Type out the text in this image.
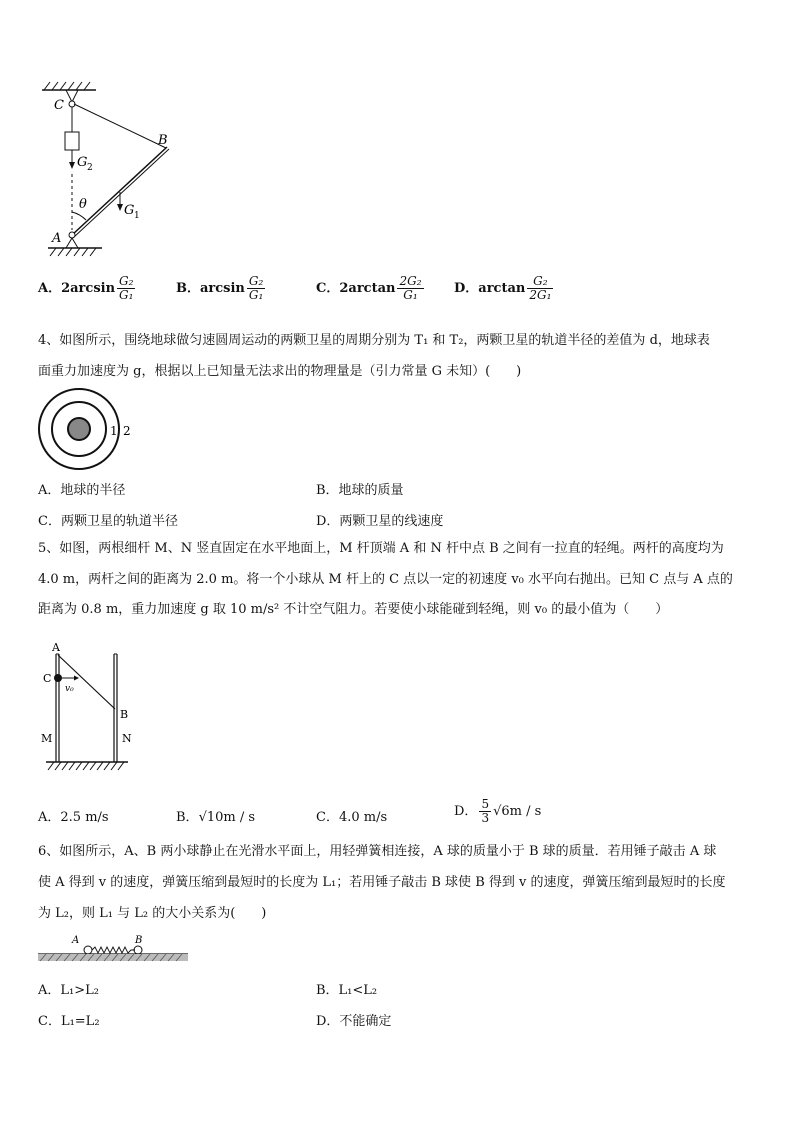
C
B
A
G 2
G 1
θ
A．$2\arcsin \frac{\text{G₂}}{\text{G₁}}$	B．$\arcsin \frac{\text{G₂}}{\text{G₁}}$	C．$2\arctan \frac{\text{2G₂}}{\text{G₁}}$ D．$\arctan \frac{\text{G₂}}{\text{2G₁}}$
4、如图所示，围绕地球做匀速圆周运动的两颗卫星的周期分别为 T₁ 和 T₂，两颗卫星的轨道半径的差值为 d，地球表
面重力加速度为 g，根据以上已知量无法求出的物理量是（引力常量 G 未知）(　　)
1 2
A．地球的半径	B．地球的质量
C．两颗卫星的轨道半径	D．两颗卫星的线速度
5、如图，两根细杆 M、N 竖直固定在水平地面上，M 杆顶端 A 和 N 杆中点 B 之间有一拉直的轻绳。两杆的高度均为
4.0 m，两杆之间的距离为 2.0 m。将一个小球从 M 杆上的 C 点以一定的初速度 v₀ 水平向右抛出。已知 C 点与 A 点的
距离为 0.8 m，重力加速度 g 取 10 m/s² 不计空气阻力。若要使小球能碰到轻绳，则 v₀ 的最小值为（　　）
A
C
v₀
B
M	N
A．2.5 m/s	B．√10m / s	C．4.0 m/s	D． $\frac{5}{3} √6m$ / s
6、如图所示，A、B 两小球静止在光滑水平面上，用轻弹簧相连接，A 球的质量小于 B 球的质量．若用锤子敲击 A 球
使 A 得到 v 的速度，弹簧压缩到最短时的长度为 L₁；若用锤子敲击 B 球使 B 得到 v 的速度，弹簧压缩到最短时的长度
为 L₂，则 L₁ 与 L₂ 的大小关系为(　　)
A	B
A．L₁>L₂	B．L₁<L₂
C．L₁=L₂	D．不能确定
